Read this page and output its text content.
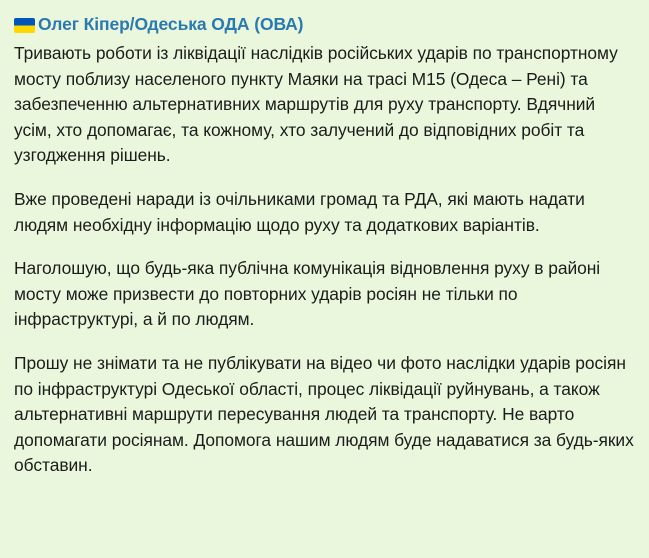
Олег Кіпер/Одеська ОДА (ОВА)

Тривають роботи із ліквідації наслідків російських ударів по транспортному мосту поблизу населеного пункту Маяки на трасі М15 (Одеса – Рені) та забезпеченню альтернативних маршрутів для руху транспорту. Вдячний усім, хто допомагає, та кожному, хто залучений до відповідних робіт та узгодження рішень.

Вже проведені наради із очільниками громад та РДА, які мають надати людям необхідну інформацію щодо руху та додаткових варіантів.

Наголошую, що будь-яка публічна комунікація відновлення руху в районі мосту може призвести до повторних ударів росіян не тільки по інфраструктурі, а й по людям.

Прошу не знімати та не публікувати на відео чи фото наслідки ударів росіян по інфраструктурі Одеської області, процес ліквідації руйнувань, а також альтернативні маршрути пересування людей та транспорту. Не варто допомагати росіянам. Допомога нашим людям буде надаватися за будь-яких обставин.
